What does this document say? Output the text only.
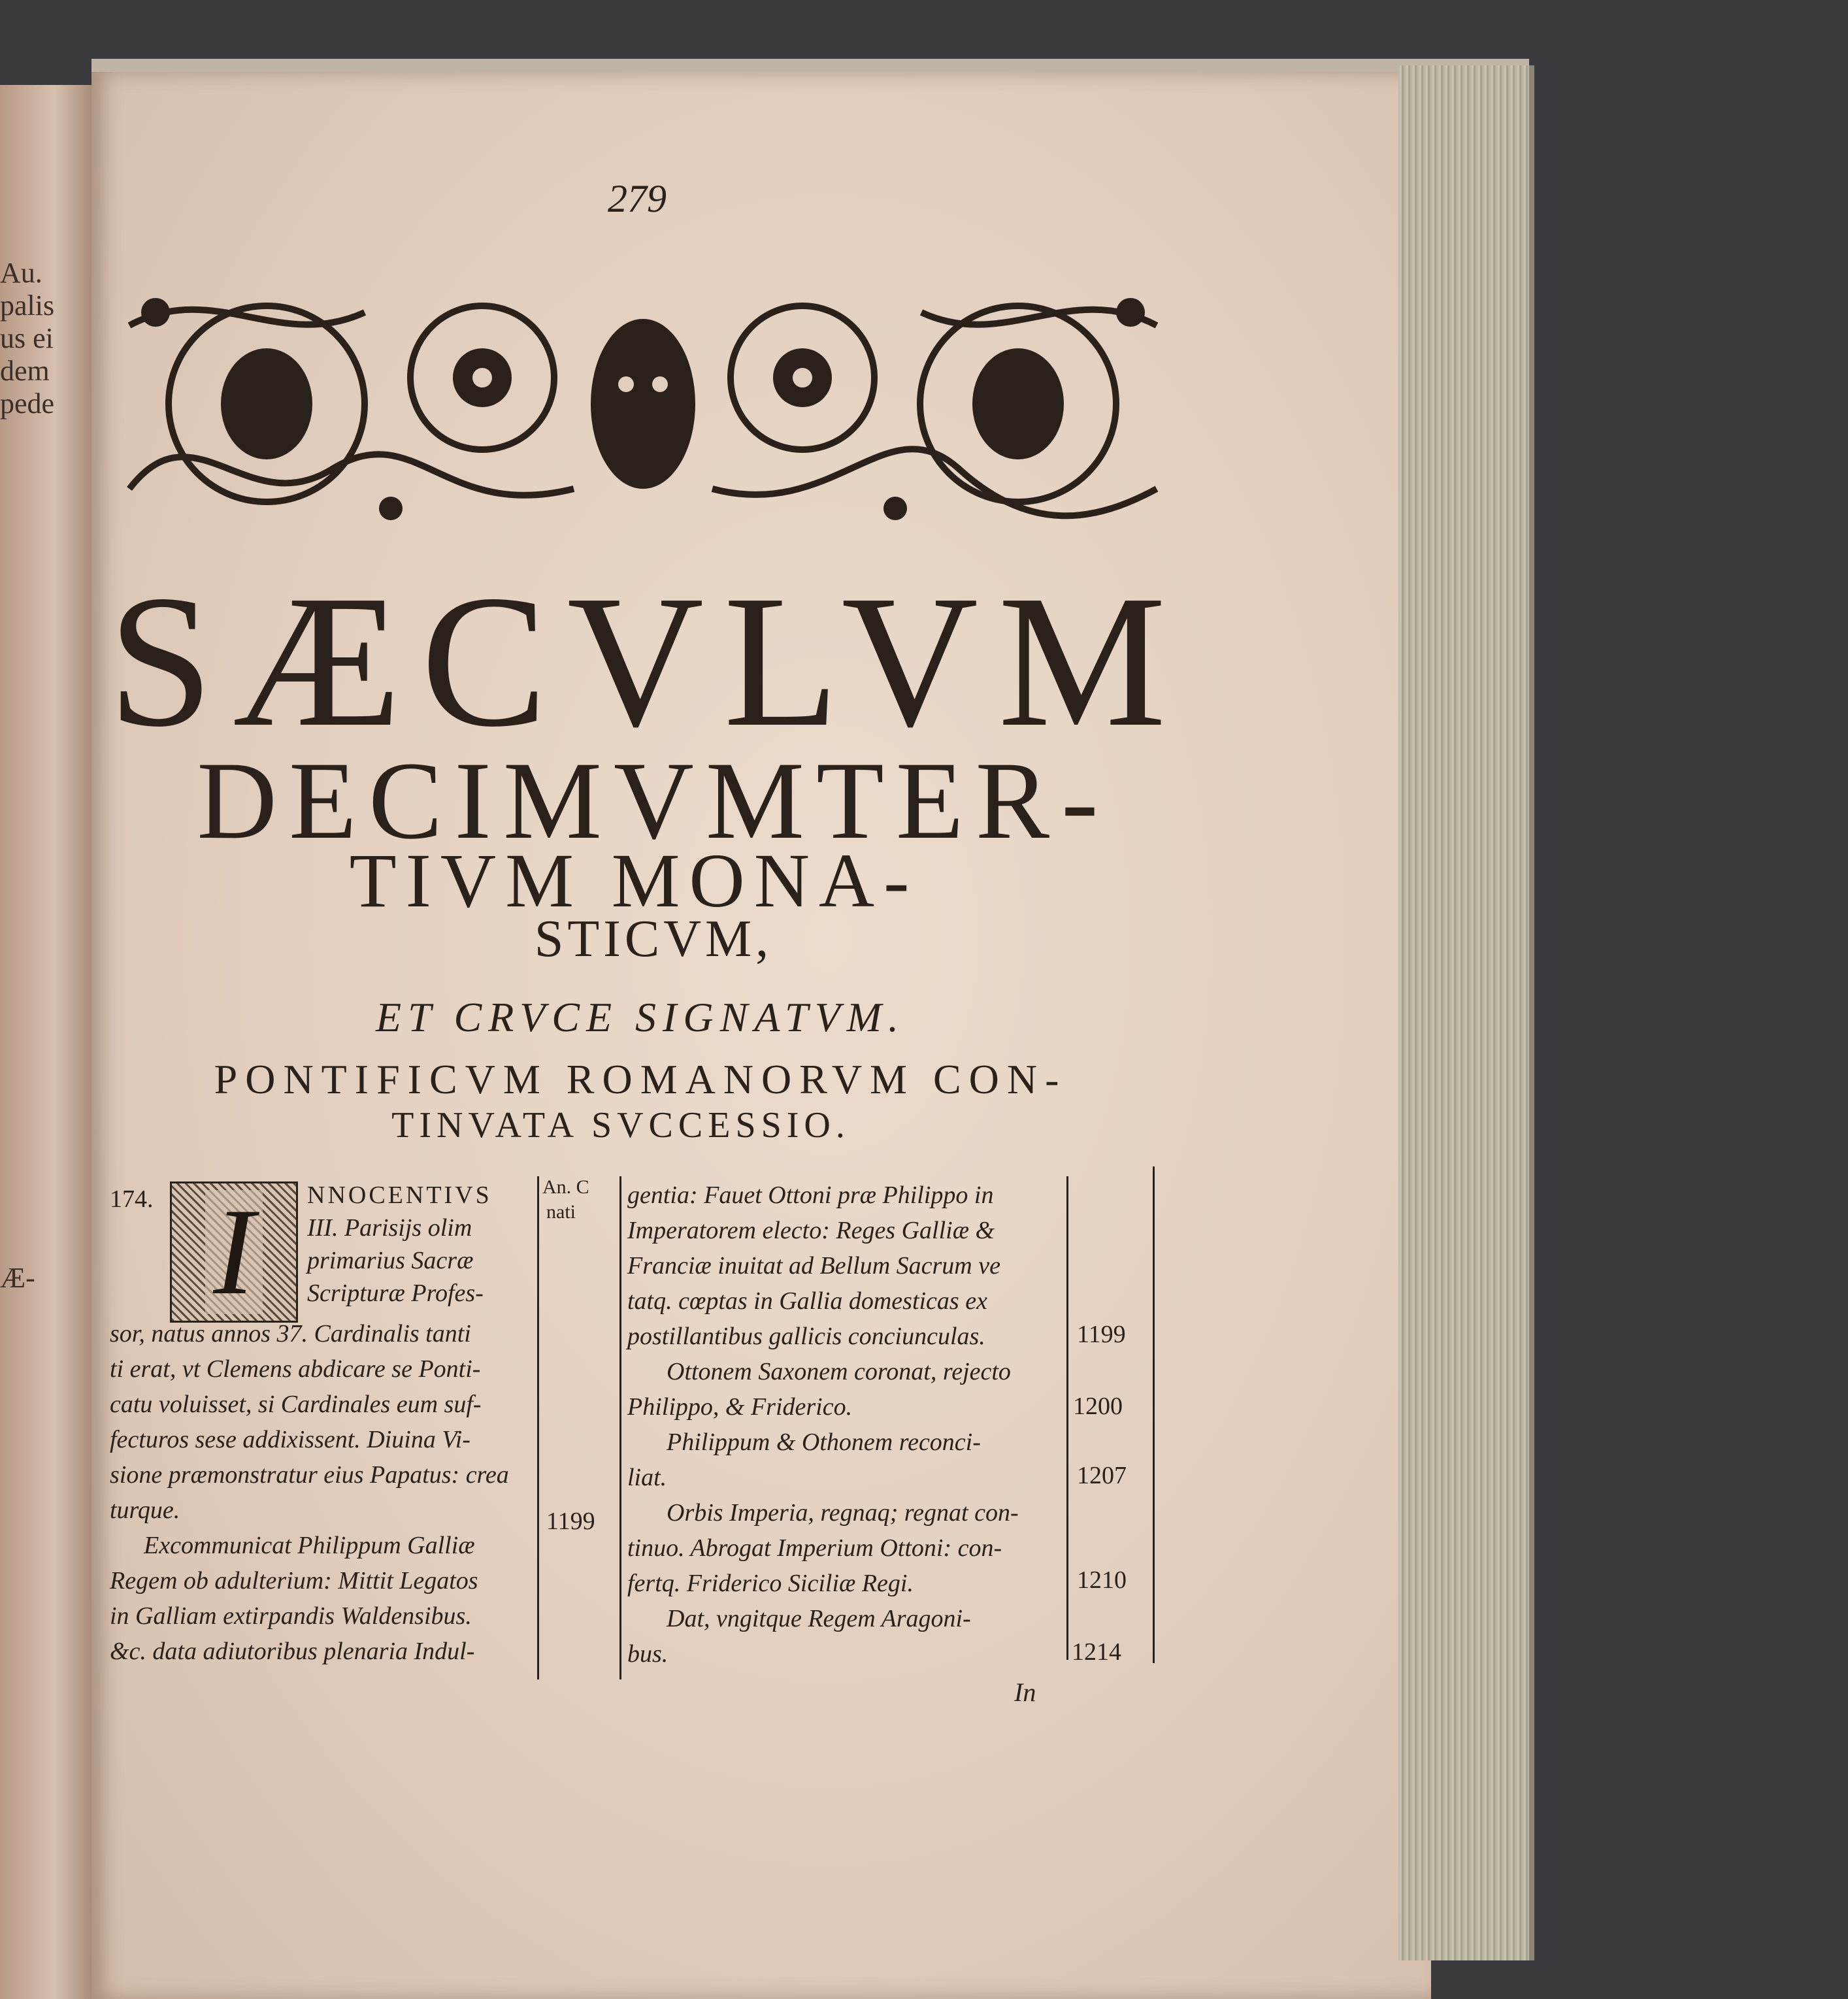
Au.
palis
us ei
dem
pede
Æ-
279
SÆCVLVM
DECIMVMTER-
TIVM MONA-
STICVM,
ET CRVCE SIGNATVM.
PONTIFICVM ROMANORVM CON-
TINVATA SVCCESSIO.
174. I	NNOCENTIVS
III. Parisijs olim
primarius Sacræ
Scripturæ Profes-
sor, natus annos 37. Cardinalis tanti
ti erat, vt Clemens abdicare se Ponti-
catu voluisset, si Cardinales eum suf-
fecturos sese addixissent. Diuina Vi-
sione præmonstratur eius Papatus: crea
turque.
Excommunicat Philippum Galliæ
Regem ob adulterium: Mittit Legatos
in Galliam extirpandis Waldensibus.
&c. data adiutoribus plenaria Indul-
An. C
nati
1199
gentia: Fauet Ottoni præ Philippo in
Imperatorem electo: Reges Galliæ &
Franciæ inuitat ad Bellum Sacrum ve
tatq. cœptas in Gallia domesticas ex
postillantibus gallicis conciunculas.
Ottonem Saxonem coronat, rejecto
Philippo, & Friderico.
Philippum & Othonem reconci-
liat.
Orbis Imperia, regnaq; regnat con-
tinuo. Abrogat Imperium Ottoni: con-
fertq. Friderico Siciliæ Regi.
Dat, vngitque Regem Aragoni-
bus.
1199
1200
1207
1210
1214
In
